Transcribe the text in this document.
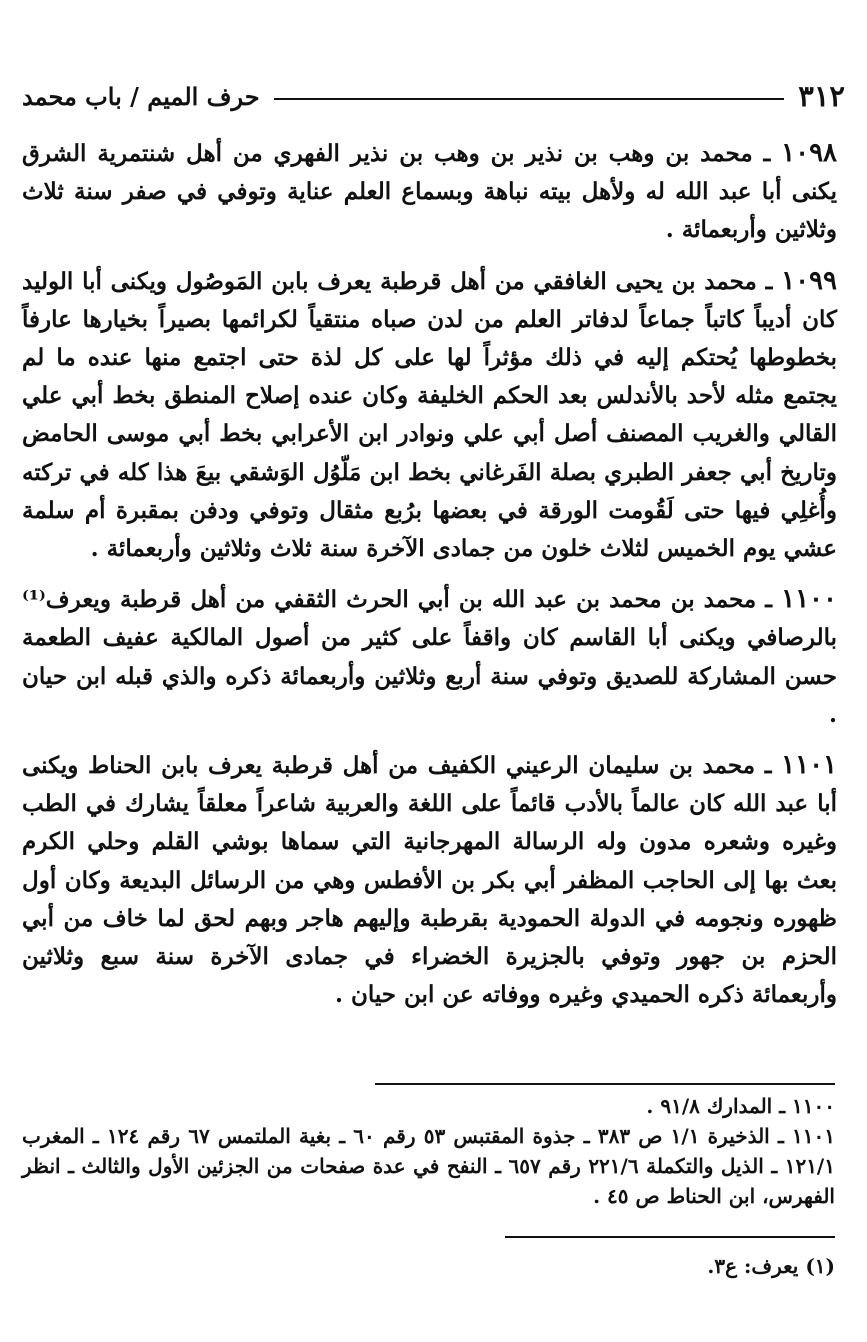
٣١٢
حرف الميم / باب محمد

١٠٩٨ ـ محمد بن وهب بن نذير بن وهب بن نذير الفهري من أهل شنتمرية الشرق يكنى أبا عبد الله له ولأهل بيته نباهة وبسماع العلم عناية وتوفي في صفر سنة ثلاث وثلاثين وأربعمائة .

١٠٩٩ ـ محمد بن يحيى الغافقي من أهل قرطبة يعرف بابن المَوصُول ويكنى أبا الوليد كان أديباً كاتباً جماعاً لدفاتر العلم من لدن صباه منتقياً لكرائمها بصيراً بخيارها عارفاً بخطوطها يُحتكم إليه في ذلك مؤثراً لها على كل لذة حتى اجتمع منها عنده ما لم يجتمع مثله لأحد بالأندلس بعد الحكم الخليفة وكان عنده إصلاح المنطق بخط أبي علي القالي والغريب المصنف أصل أبي علي ونوادر ابن الأعرابي بخط أبي موسى الحامض وتاريخ أبي جعفر الطبري بصلة الفَرغاني بخط ابن مَلّوُل الوَشقي بيعَ هذا كله في تركته وأُغلِي فيها حتى لَقُومت الورقة في بعضها برُبع مثقال وتوفي ودفن بمقبرة أم سلمة عشي يوم الخميس لثلاث خلون من جمادى الآخرة سنة ثلاث وثلاثين وأربعمائة .

١١٠٠ ـ محمد بن محمد بن عبد الله بن أبي الحرث الثقفي من أهل قرطبة ويعرف⁽¹⁾ بالرصافي ويكنى أبا القاسم كان واقفاً على كثير من أصول المالكية عفيف الطعمة حسن المشاركة للصديق وتوفي سنة أربع وثلاثين وأربعمائة ذكره والذي قبله ابن حيان .

١١٠١ ـ محمد بن سليمان الرعيني الكفيف من أهل قرطبة يعرف بابن الحناط ويكنى أبا عبد الله كان عالماً بالأدب قائماً على اللغة والعربية شاعراً معلقاً يشارك في الطب وغيره وشعره مدون وله الرسالة المهرجانية التي سماها بوشي القلم وحلي الكرم بعث بها إلى الحاجب المظفر أبي بكر بن الأفطس وهي من الرسائل البديعة وكان أول ظهوره ونجومه في الدولة الحمودية بقرطبة وإليهم هاجر وبهم لحق لما خاف من أبي الحزم بن جهور وتوفي بالجزيرة الخضراء في جمادى الآخرة سنة سبع وثلاثين وأربعمائة ذكره الحميدي وغيره ووفاته عن ابن حيان .

١١٠٠ ـ المدارك ٩١/٨ .

١١٠١ ـ الذخيرة ١/١ ص ٣٨٣ ـ جذوة المقتبس ٥٣ رقم ٦٠ ـ بغية الملتمس ٦٧ رقم ١٢٤ ـ المغرب ١٢١/١ ـ الذيل والتكملة ٢٢١/٦ رقم ٦٥٧ ـ النفح في عدة صفحات من الجزئين الأول والثالث ـ انظر الفهرس، ابن الحناط ص ٤٥ .

(١) يعرف: ع٣.
